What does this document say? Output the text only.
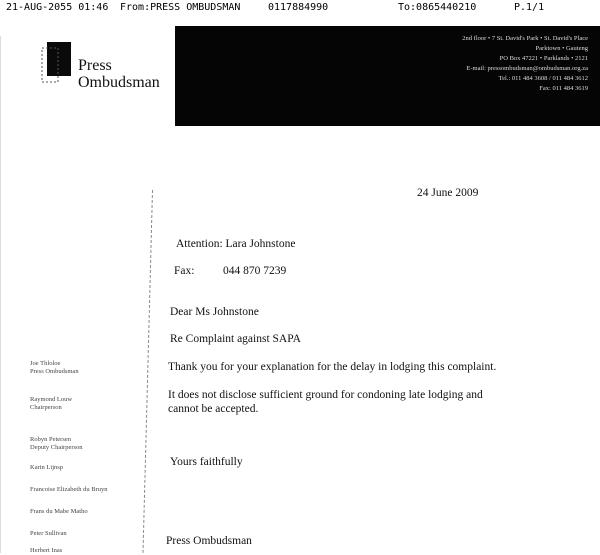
21-AUG-2055 01:46 From:PRESS OMBUDSMAN	0117884990	To:0865440210	P.1/1
Press
Ombudsman
2nd floor • 7 St. David's Park • St. David's Place
Parktown • Gauteng
PO Box 47221 • Parklands • 2121
E-mail: pressombudsman@ombudsman.org.za
Tel.: 011 484 3608 / 011 484 3612
Fax: 011 484 3619
24 June 2009
Attention: Lara Johnstone
Fax: 044 870 7239
Dear Ms Johnstone
Re Complaint against SAPA
Thank you for your explanation for the delay in lodging this complaint.
It does not disclose sufficient ground for condoning late lodging and
cannot be accepted.
Yours faithfully
Press Ombudsman
Joe Thloloe
Press Ombudsman
Raymond Louw
Chairperson
Robyn Petersen
Deputy Chairperson
Karin Lijnsp
Francoise Elizabeth du Bruyn
Frans du Mabe Matho
Peter Sullivan
Herbert Inas
